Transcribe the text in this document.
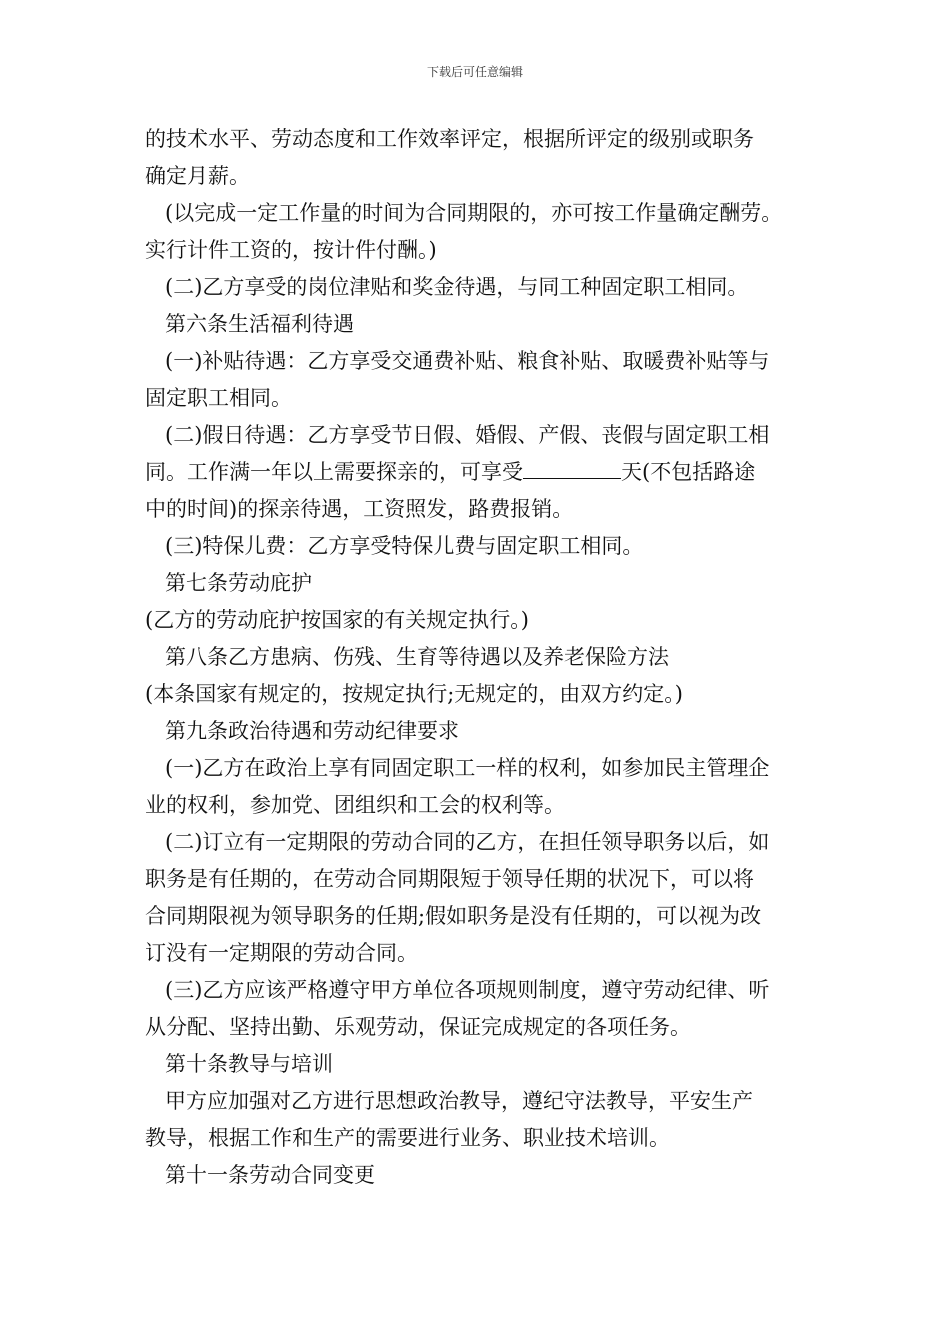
下载后可任意编辑
的技术水平、劳动态度和工作效率评定，根据所评定的级别或职务
确定月薪。
(以完成一定工作量的时间为合同期限的，亦可按工作量确定酬劳。
实行计件工资的，按计件付酬。)
(二)乙方享受的岗位津贴和奖金待遇，与同工种固定职工相同。
第六条生活福利待遇
(一)补贴待遇：乙方享受交通费补贴、粮食补贴、取暖费补贴等与
固定职工相同。
(二)假日待遇：乙方享受节日假、婚假、产假、丧假与固定职工相
同。工作满一年以上需要探亲的，可享受	天(不包括路途
中的时间)的探亲待遇，工资照发，路费报销。
(三)特保儿费：乙方享受特保儿费与固定职工相同。
第七条劳动庇护
(乙方的劳动庇护按国家的有关规定执行。)
第八条乙方患病、伤残、生育等待遇以及养老保险方法
(本条国家有规定的，按规定执行;无规定的，由双方约定。)
第九条政治待遇和劳动纪律要求
(一)乙方在政治上享有同固定职工一样的权利，如参加民主管理企
业的权利，参加党、团组织和工会的权利等。
(二)订立有一定期限的劳动合同的乙方，在担任领导职务以后，如
职务是有任期的，在劳动合同期限短于领导任期的状况下，可以将
合同期限视为领导职务的任期;假如职务是没有任期的，可以视为改
订没有一定期限的劳动合同。
(三)乙方应该严格遵守甲方单位各项规则制度，遵守劳动纪律、听
从分配、坚持出勤、乐观劳动，保证完成规定的各项任务。
第十条教导与培训
甲方应加强对乙方进行思想政治教导，遵纪守法教导，平安生产
教导，根据工作和生产的需要进行业务、职业技术培训。
第十一条劳动合同变更
